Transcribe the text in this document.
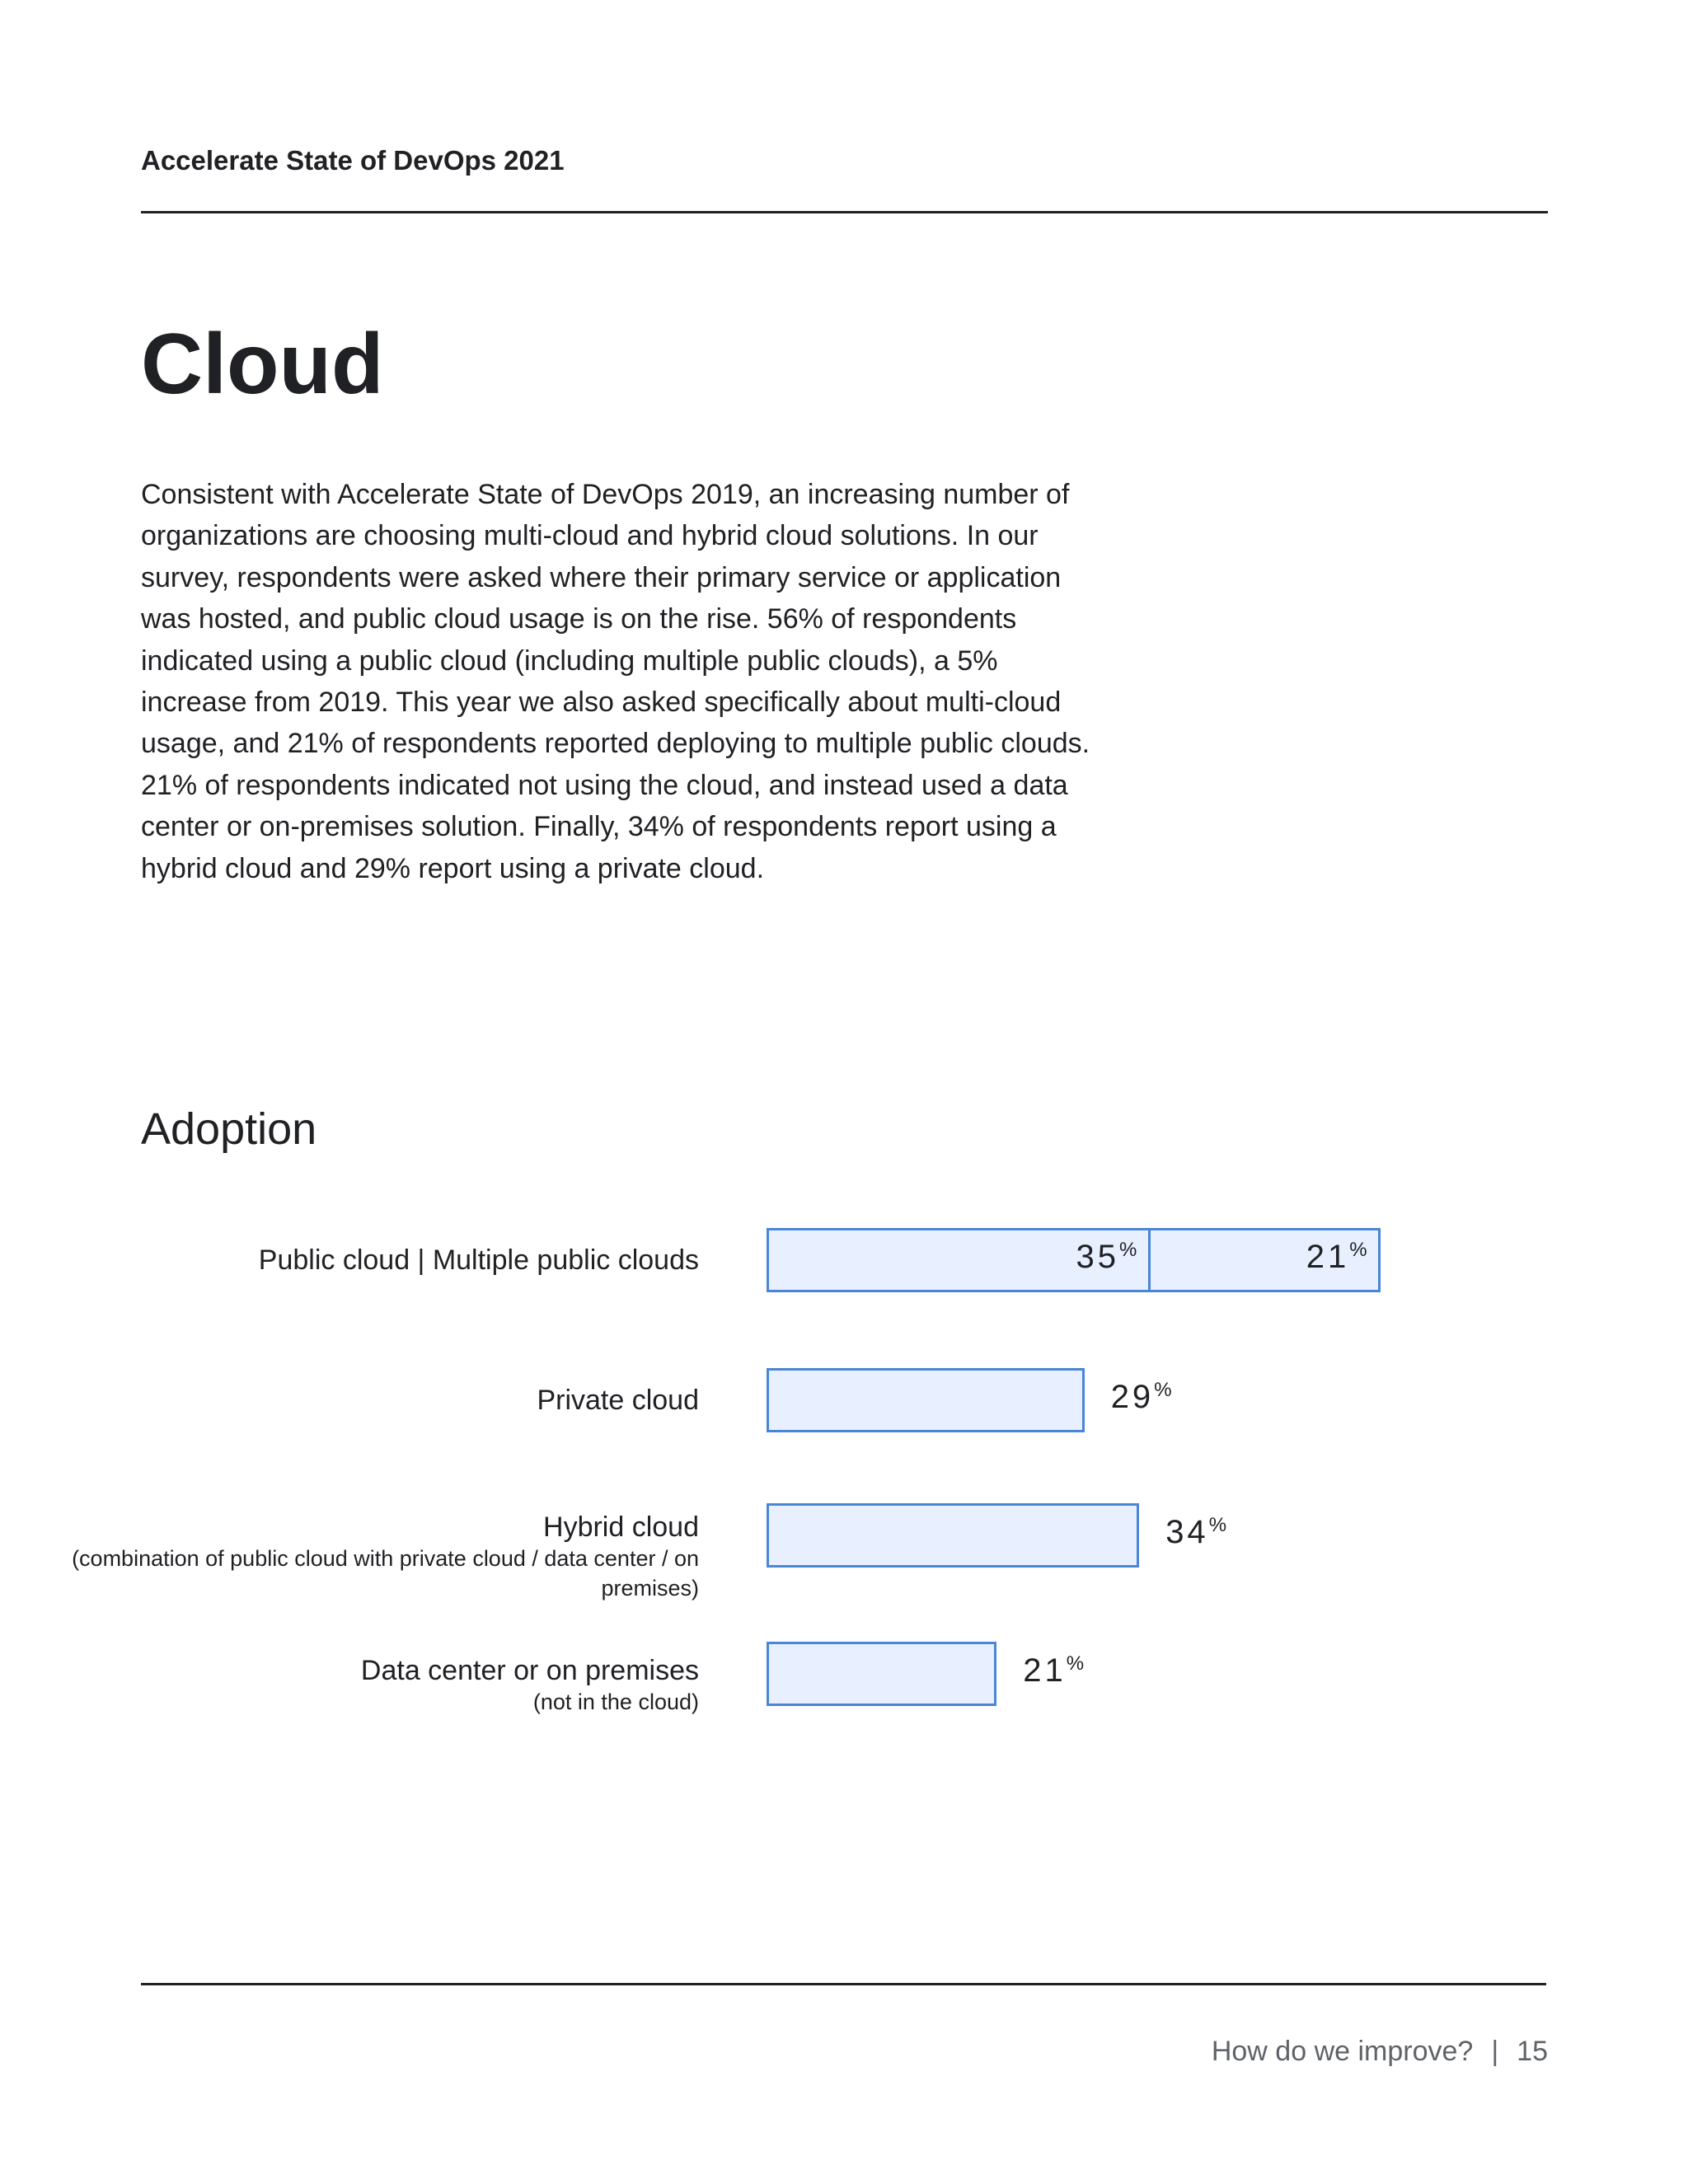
Accelerate State of DevOps 2021
Cloud

Consistent with Accelerate State of DevOps 2019, an increasing number of organizations are choosing multi-cloud and hybrid cloud solutions. In our survey, respondents were asked where their primary service or application was hosted, and public cloud usage is on the rise. 56% of respondents indicated using a public cloud (including multiple public clouds), a 5% increase from 2019. This year we also asked specifically about multi-cloud usage, and 21% of respondents reported deploying to multiple public clouds. 21% of respondents indicated not using the cloud, and instead used a data center or on-premises solution. Finally, 34% of respondents report using a hybrid cloud and 29% report using a private cloud.

Adoption
Public cloud | Multiple public clouds	35%	21%
Private cloud	29%
Hybrid cloud
(combination of public cloud with private cloud / data center / on premises)
34%
Data center or on premises
(not in the cloud)
21%
How do we improve? | 15
